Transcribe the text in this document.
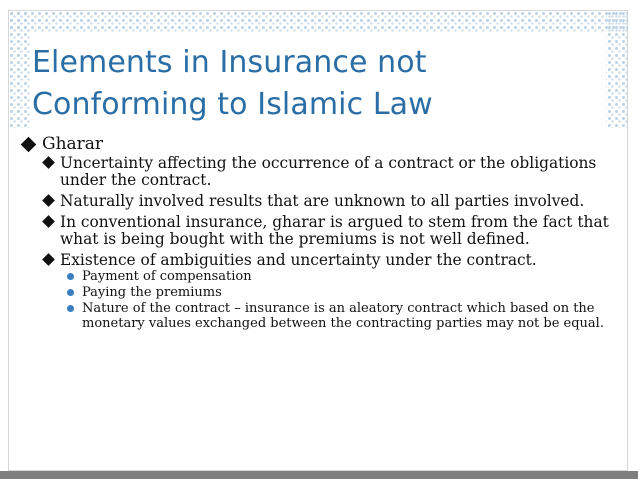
Elements in Insurance not
Conforming to Islamic Law
Gharar
Uncertainty affecting the occurrence of a contract or the obligations under the contract.
Naturally involved results that are unknown to all parties involved.
In conventional insurance, gharar is argued to stem from the fact that what is being bought with the premiums is not well defined.
Existence of ambiguities and uncertainty under the contract.
Payment of compensation
Paying the premiums
Nature of the contract – insurance is an aleatory contract which based on the monetary values exchanged between the contracting parties may not be equal.
